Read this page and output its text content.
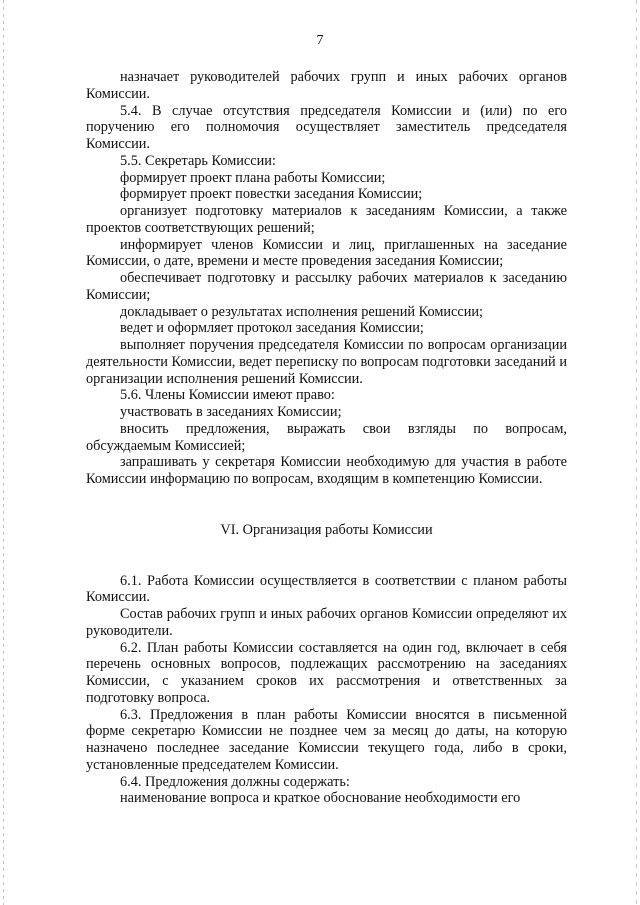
7

назначает руководителей рабочих групп и иных рабочих органов Комиссии.

5.4. В случае отсутствия председателя Комиссии и (или) по его поручению его полномочия осуществляет заместитель председателя Комиссии.

5.5. Секретарь Комиссии:

формирует проект плана работы Комиссии;

формирует проект повестки заседания Комиссии;

организует подготовку материалов к заседаниям Комиссии, а также проектов соответствующих решений;

информирует членов Комиссии и лиц, приглашенных на заседание Комиссии, о дате, времени и месте проведения заседания Комиссии;

обеспечивает подготовку и рассылку рабочих материалов к заседанию Комиссии;

докладывает о результатах исполнения решений Комиссии;

ведет и оформляет протокол заседания Комиссии;

выполняет поручения председателя Комиссии по вопросам организации деятельности Комиссии, ведет переписку по вопросам подготовки заседаний и организации исполнения решений Комиссии.

5.6. Члены Комиссии имеют право:

участвовать в заседаниях Комиссии;

вносить предложения, выражать свои взгляды по вопросам, обсуждаемым Комиссией;

запрашивать у секретаря Комиссии необходимую для участия в работе Комиссии информацию по вопросам, входящим в компетенцию Комиссии.

VI. Организация работы Комиссии

6.1. Работа Комиссии осуществляется в соответствии с планом работы Комиссии.

Состав рабочих групп и иных рабочих органов Комиссии определяют их руководители.

6.2. План работы Комиссии составляется на один год, включает в себя перечень основных вопросов, подлежащих рассмотрению на заседаниях Комиссии, с указанием сроков их рассмотрения и ответственных за подготовку вопроса.

6.3. Предложения в план работы Комиссии вносятся в письменной форме секретарю Комиссии не позднее чем за месяц до даты, на которую назначено последнее заседание Комиссии текущего года, либо в сроки, установленные председателем Комиссии.

6.4. Предложения должны содержать:

наименование вопроса и краткое обоснование необходимости его
